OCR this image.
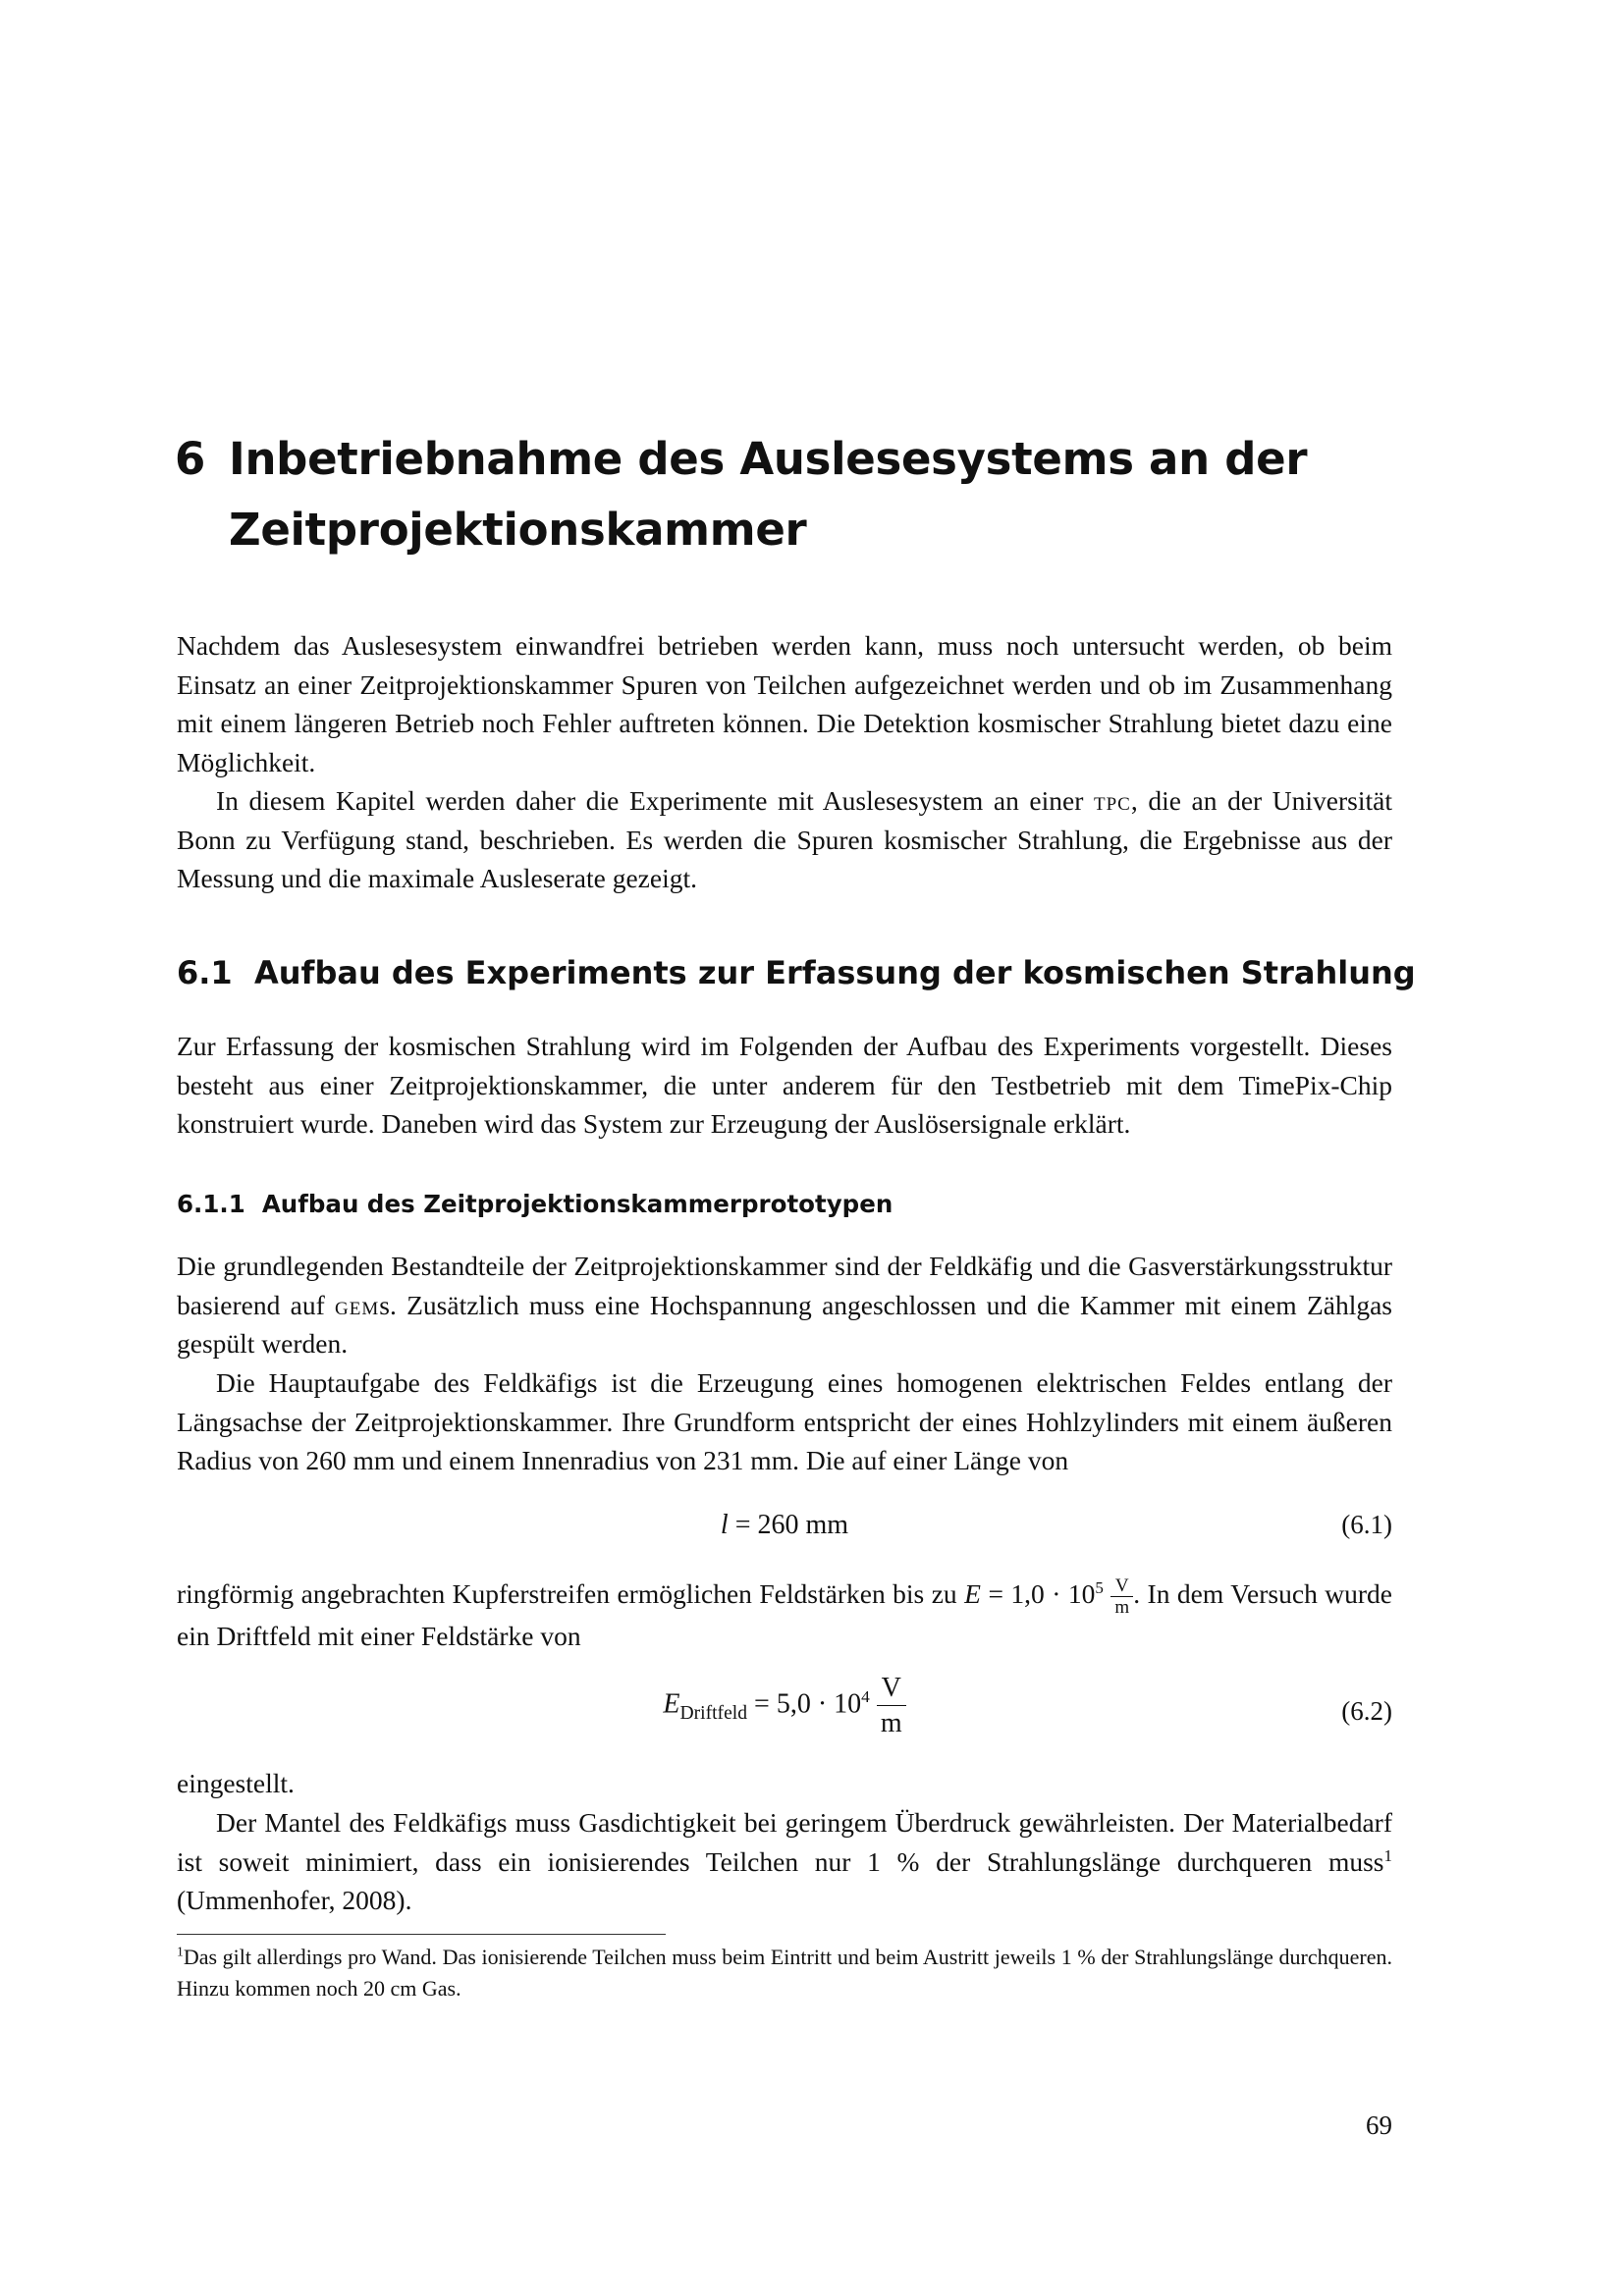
6 Inbetriebnahme des Auslesesystems an der
Zeitprojektionskammer

Nachdem das Auslesesystem einwandfrei betrieben werden kann, muss noch untersucht werden, ob beim Einsatz an einer Zeitprojektionskammer Spuren von Teilchen aufgezeichnet werden und ob im Zusammenhang mit einem längeren Betrieb noch Fehler auftreten können. Die Detektion kosmischer Strahlung bietet dazu eine Möglichkeit.

In diesem Kapitel werden daher die Experimente mit Auslesesystem an einer tpc, die an der Universität Bonn zu Verfügung stand, beschrieben. Es werden die Spuren kosmischer Strahlung, die Ergebnisse aus der Messung und die maximale Ausleserate gezeigt.

6.1 Aufbau des Experiments zur Erfassung der kosmischen Strahlung

Zur Erfassung der kosmischen Strahlung wird im Folgenden der Aufbau des Experiments vorgestellt. Dieses besteht aus einer Zeitprojektionskammer, die unter anderem für den Testbetrieb mit dem TimePix-Chip konstruiert wurde. Daneben wird das System zur Erzeugung der Auslösersignale erklärt.

6.1.1 Aufbau des Zeitprojektionskammerprototypen

Die grundlegenden Bestandteile der Zeitprojektionskammer sind der Feldkäfig und die Gasverstärkungsstruktur basierend auf gems. Zusätzlich muss eine Hochspannung angeschlossen und die Kammer mit einem Zählgas gespült werden.

Die Hauptaufgabe des Feldkäfigs ist die Erzeugung eines homogenen elektrischen Feldes entlang der Längsachse der Zeitprojektionskammer. Ihre Grundform entspricht der eines Hohlzylinders mit einem äußeren Radius von 260 mm und einem Innenradius von 231 mm. Die auf einer Länge von

l = 260 mm	(6.1)

ringförmig angebrachten Kupferstreifen ermöglichen Feldstärken bis zu $E = 1,0 \cdot 10^5 \frac{V}{m}$ . In dem Versuch wurde ein Driftfeld mit einer Feldstärke von

$E_{Driftfeld} = 5,0 \cdot 10^4 \frac{V}{m}$	(6.2)

eingestellt.

Der Mantel des Feldkäfigs muss Gasdichtigkeit bei geringem Überdruck gewährleisten. Der Materialbedarf ist soweit minimiert, dass ein ionisierendes Teilchen nur 1 % der Strahlungslänge durchqueren muss$^1$ (Ummenhofer, 2008).

$^1$Das gilt allerdings pro Wand. Das ionisierende Teilchen muss beim Eintritt und beim Austritt jeweils 1 % der Strahlungslänge durchqueren. Hinzu kommen noch 20 cm Gas.

69
